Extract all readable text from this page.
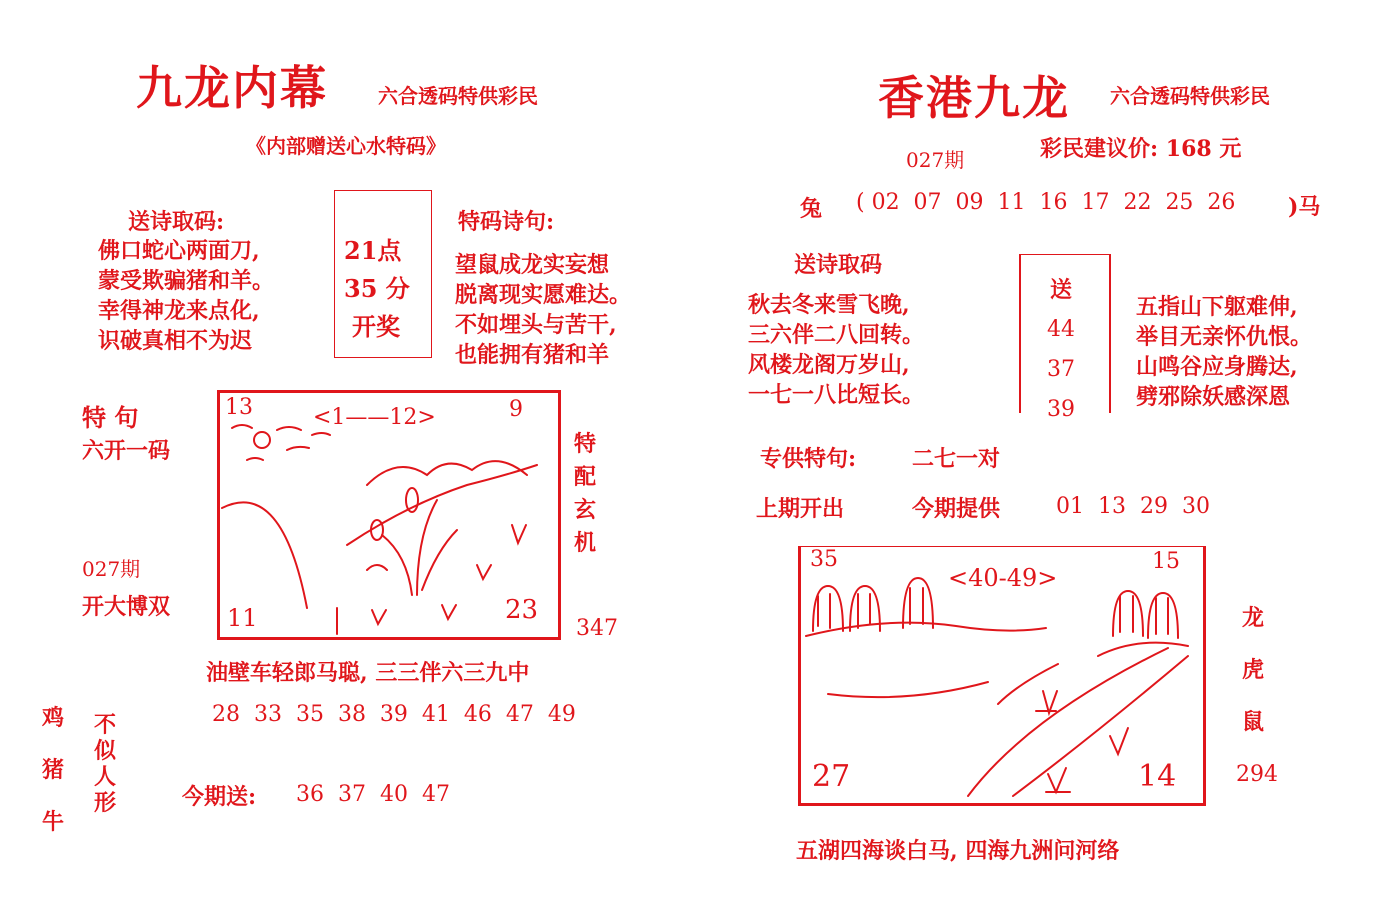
九龙内幕	六合透码特供彩民
《内部赠送心水特码》
送诗取码:
佛口蛇心两面刀,
蒙受欺骗猪和羊。
幸得神龙来点化,
识破真相不为迟
21点
35 分
开奖
特码诗句:
望鼠成龙实妄想
脱离现实愿难达。
不如埋头与苦干,
也能拥有猪和羊
特 句
六开一码
027期
开大博双
13	9
<1——12>
11	23
特
配
玄
机
347
油壁车轻郎马聪, 三三伴六三九中
28  33  35  38  39  41  46  47  49
鸡
猪
牛
不
似
人
形	今期送: 36  37  40  47
香港九龙 六合透码特供彩民
027期	彩民建议价: 168 元
兔 ( 02  07  09  11  16  17  22  25  26 )马
送诗取码
秋去冬来雪飞晚,
三六伴二八回转。
风楼龙阁万岁山,
一七一八比短长。
送
44
37
39
五指山下躯难伸,
举目无亲怀仇恨。
山鸣谷应身腾达,
劈邪除妖感深恩
专供特句:	二七一对
上期开出	今期提供	01  13  29  30
35	15
<40-49>
27	14
龙
虎
鼠
294
五湖四海谈白马, 四海九洲问河络
